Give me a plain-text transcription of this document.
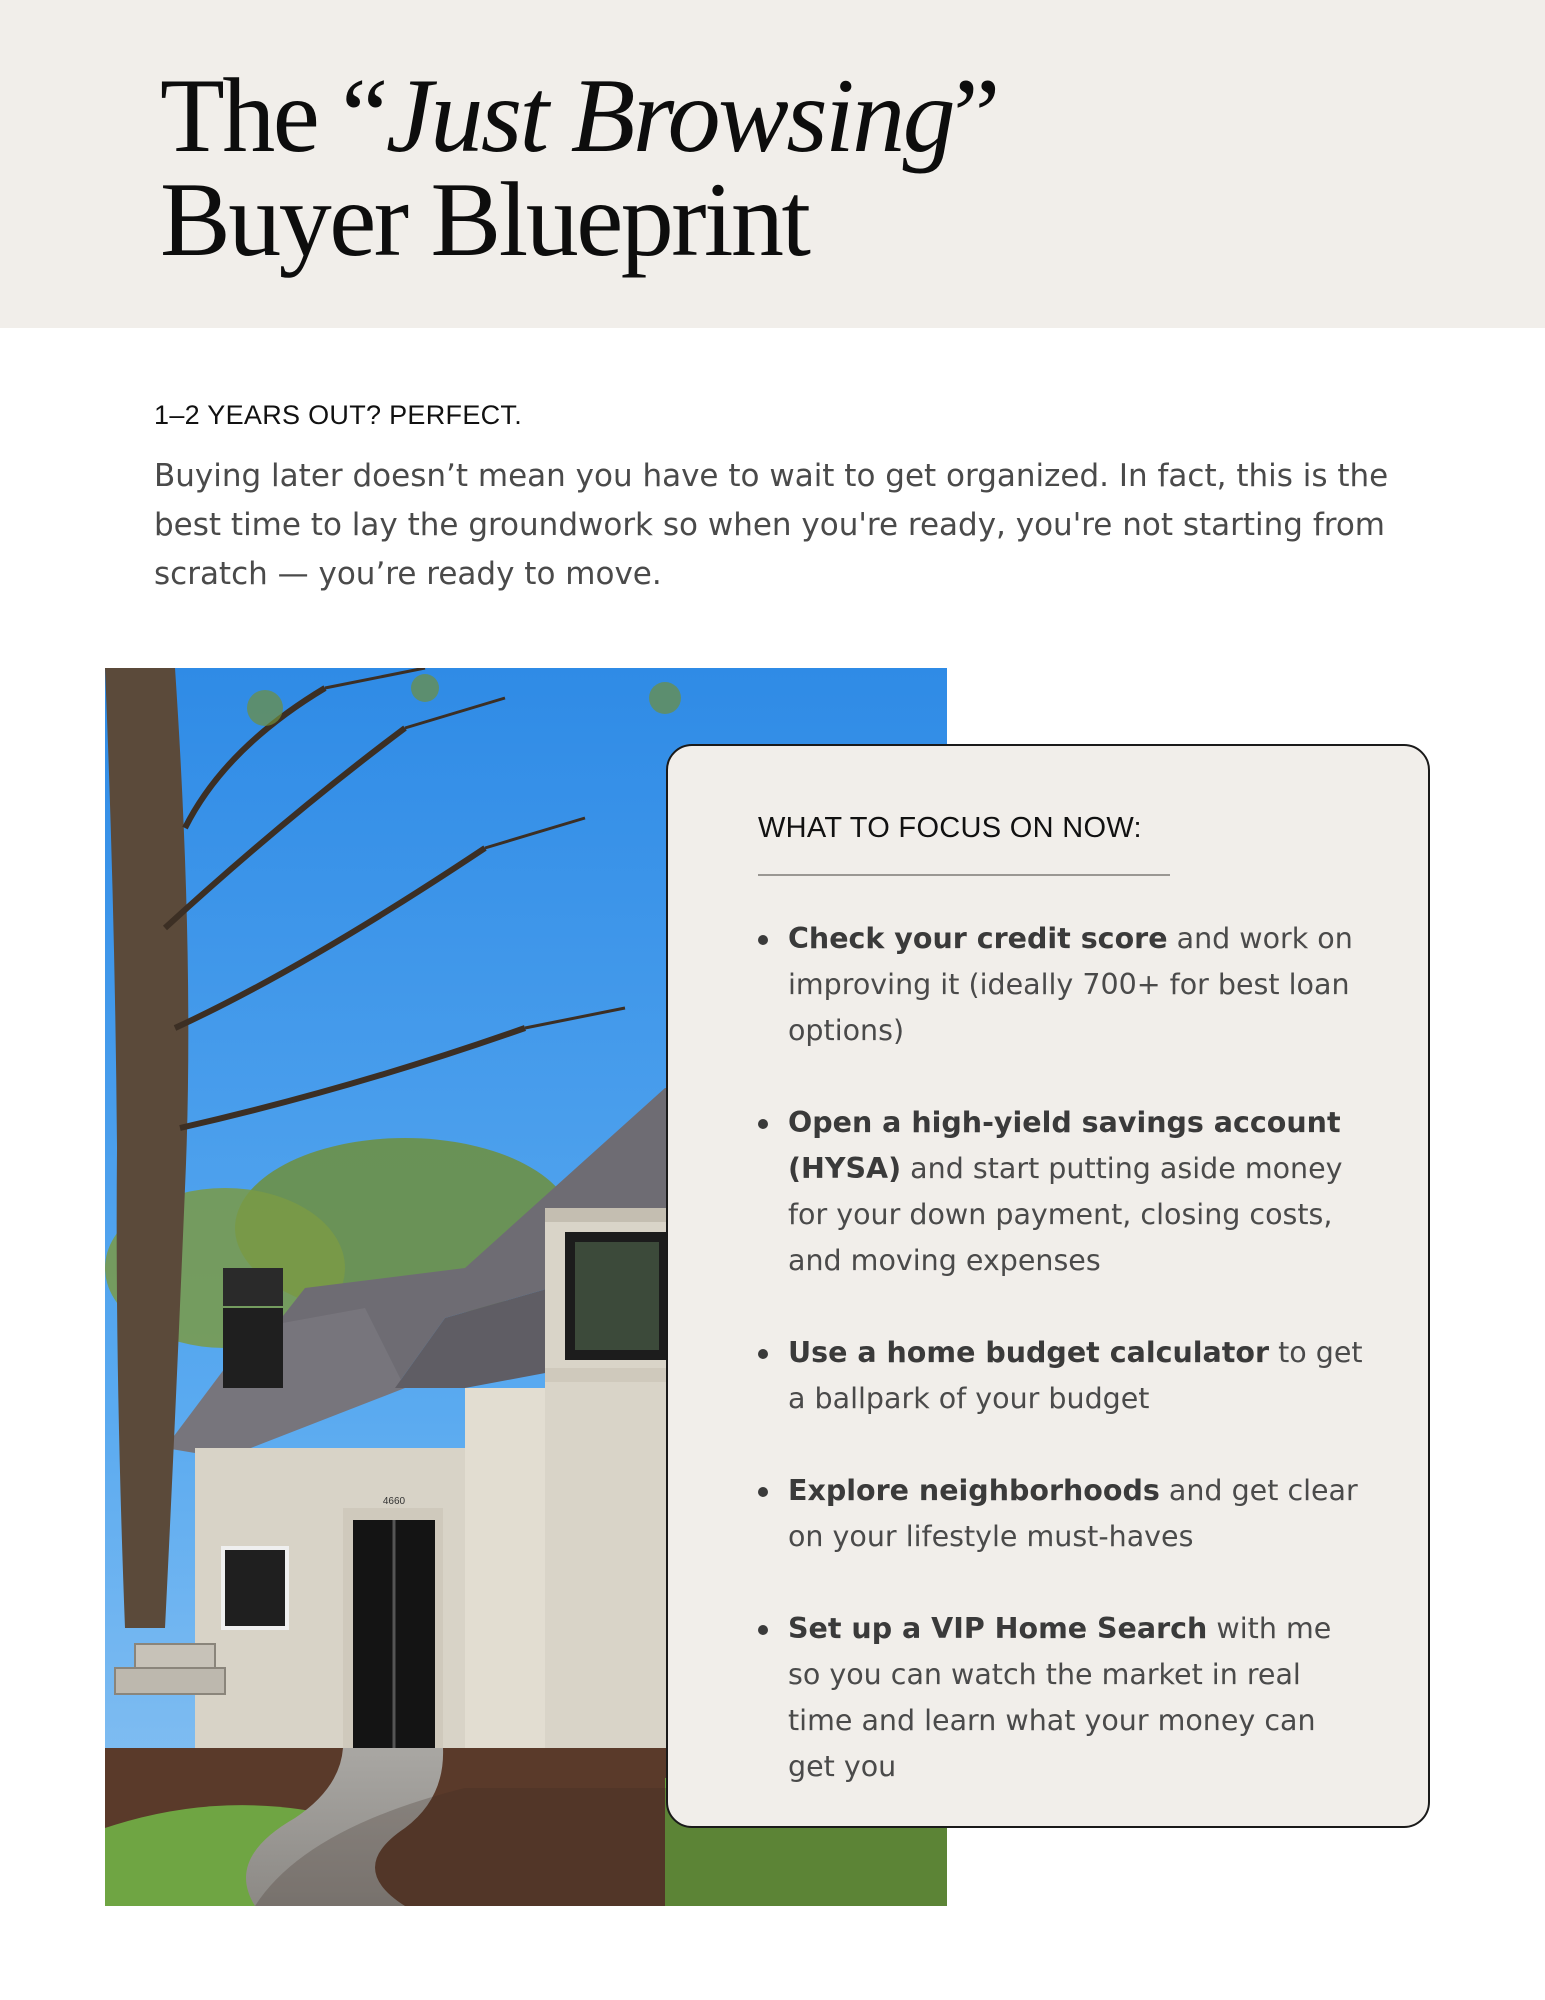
The “Just Browsing”
Buyer Blueprint
1–2 YEARS OUT? PERFECT.

Buying later doesn’t mean you have to wait to get organized. In fact, this is the best time to lay the groundwork so when you're ready, you're not starting from scratch — you’re ready to move.

4660
WHAT TO FOCUS ON NOW:
Check your credit score and work on improving it (ideally 700+ for best loan options)
Open a high-yield savings account (HYSA) and start putting aside money for your down payment, closing costs, and moving expenses
Use a home budget calculator to get a ballpark of your budget
Explore neighborhoods and get clear on your lifestyle must-haves
Set up a VIP Home Search with me so you can watch the market in real time and learn what your money can get you
